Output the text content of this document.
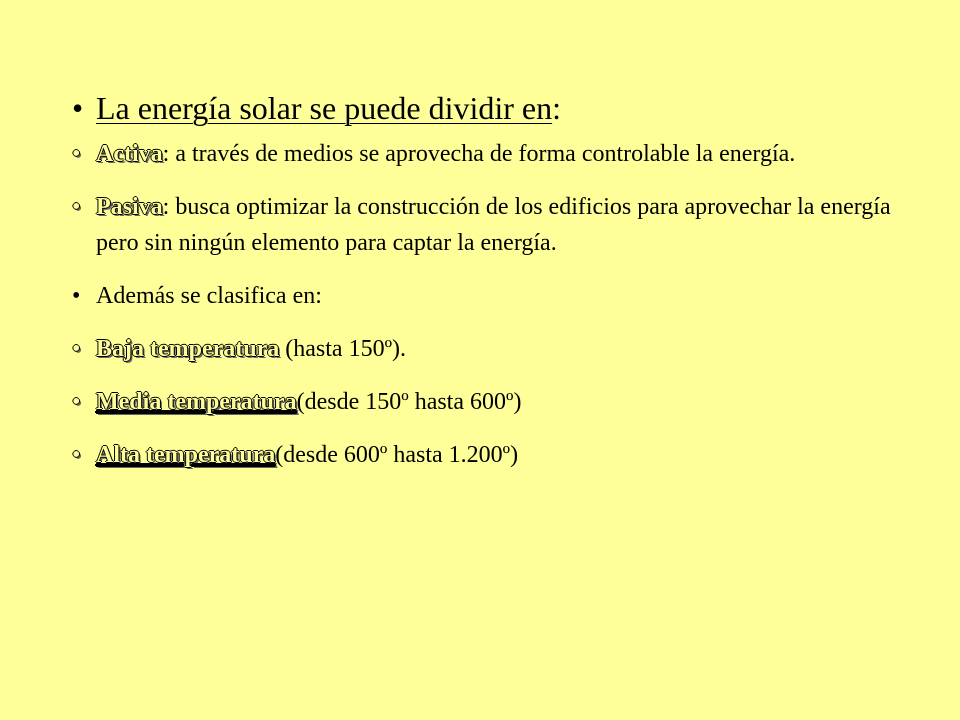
• La energía solar se puede dividir en:
• Activa: a través de medios se aprovecha de forma controlable la energía.
• Pasiva: busca optimizar la construcción de los edificios para aprovechar la energía pero sin ningún elemento para captar la energía.
• Además se clasifica en:
• Baja temperatura (hasta 150º).
• Media temperatura(desde 150º hasta 600º)
• Alta temperatura(desde 600º hasta 1.200º)
